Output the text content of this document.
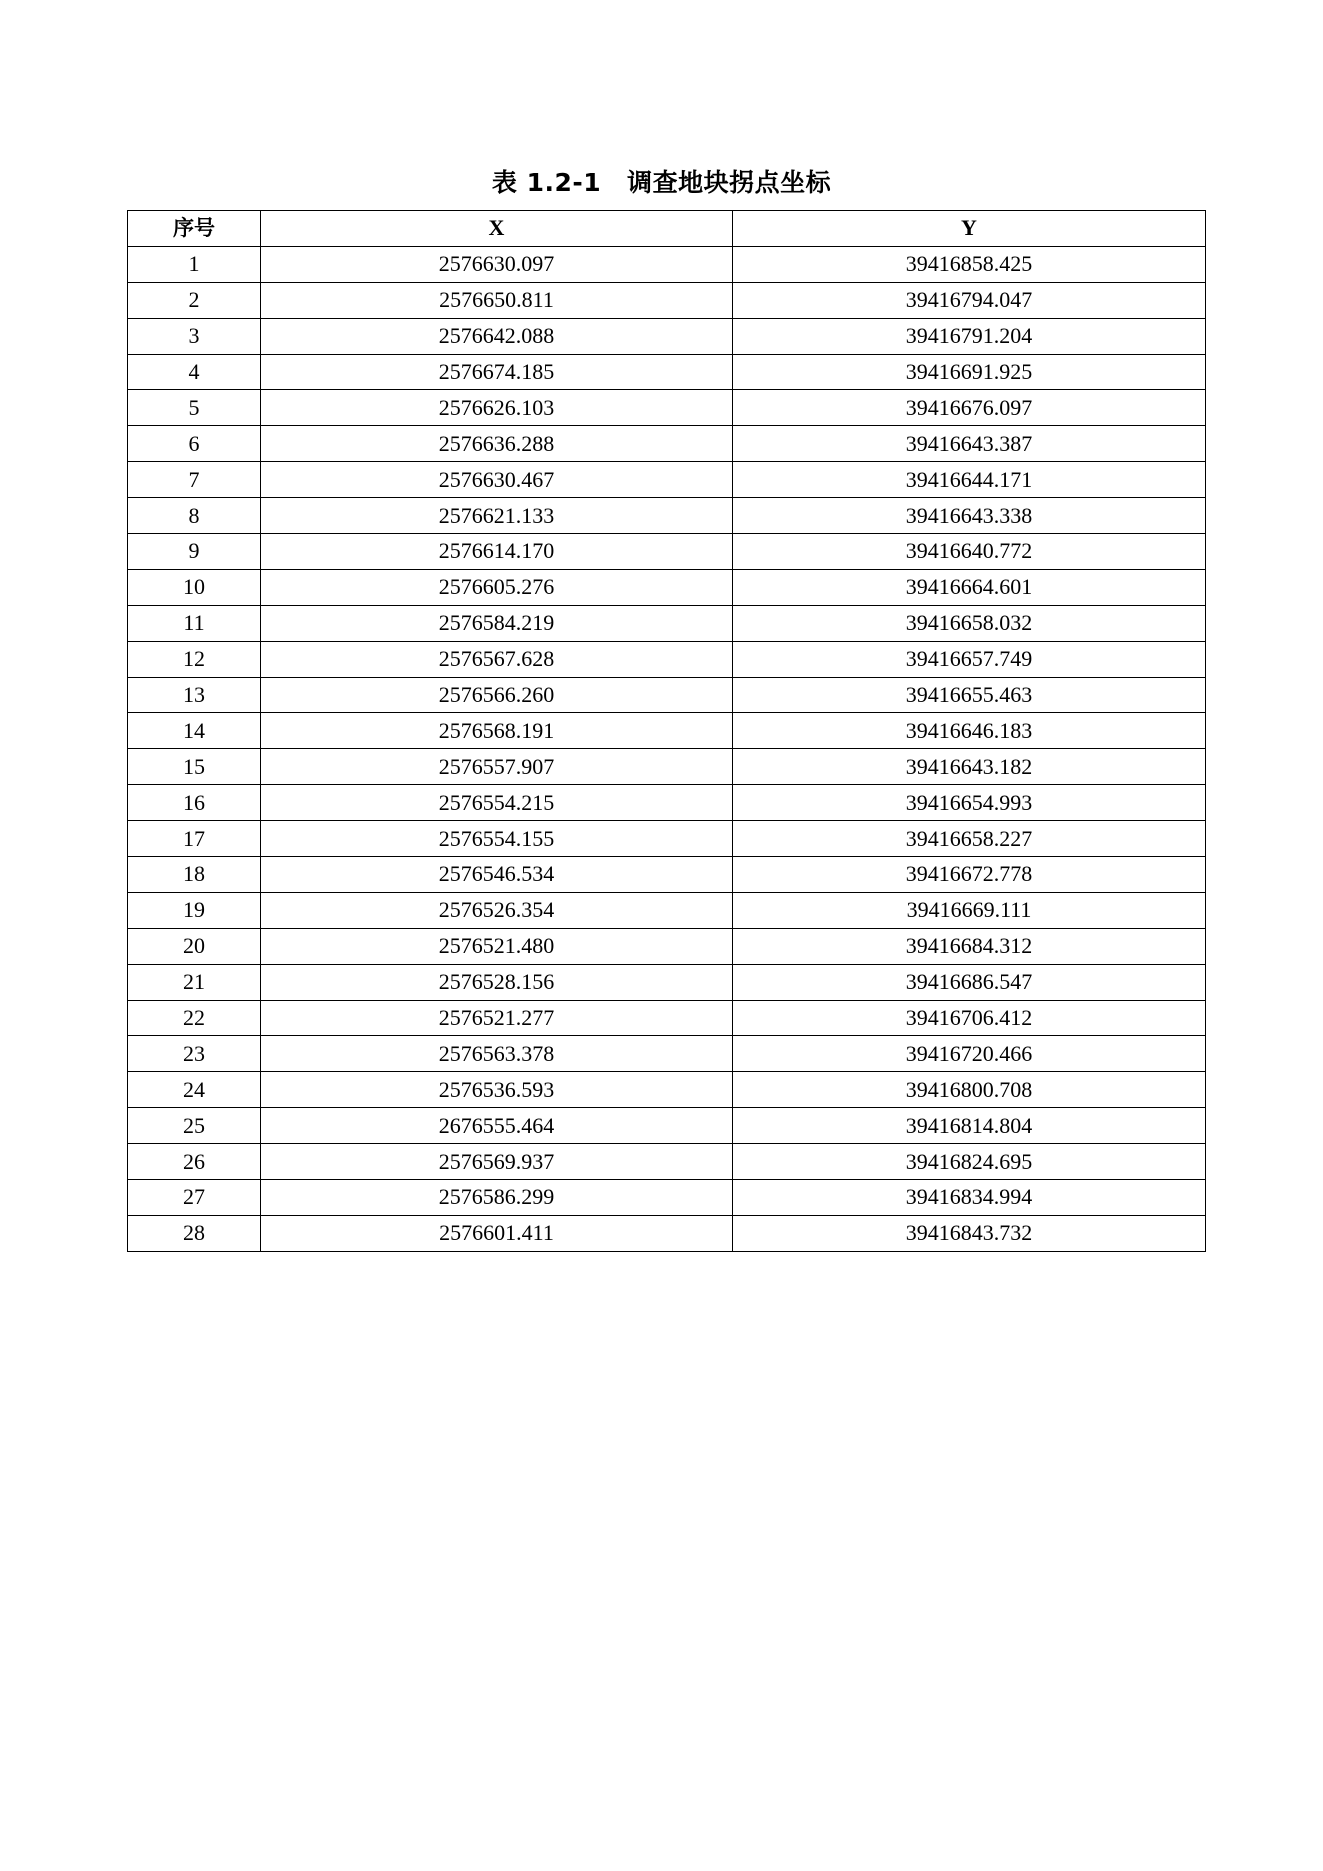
表 1.2-1 调查地块拐点坐标
序号	X	Y
1	2576630.097	39416858.425
2	2576650.811	39416794.047
3	2576642.088	39416791.204
4	2576674.185	39416691.925
5	2576626.103	39416676.097
6	2576636.288	39416643.387
7	2576630.467	39416644.171
8	2576621.133	39416643.338
9	2576614.170	39416640.772
10	2576605.276	39416664.601
11	2576584.219	39416658.032
12	2576567.628	39416657.749
13	2576566.260	39416655.463
14	2576568.191	39416646.183
15	2576557.907	39416643.182
16	2576554.215	39416654.993
17	2576554.155	39416658.227
18	2576546.534	39416672.778
19	2576526.354	39416669.111
20	2576521.480	39416684.312
21	2576528.156	39416686.547
22	2576521.277	39416706.412
23	2576563.378	39416720.466
24	2576536.593	39416800.708
25	2676555.464	39416814.804
26	2576569.937	39416824.695
27	2576586.299	39416834.994
28	2576601.411	39416843.732
